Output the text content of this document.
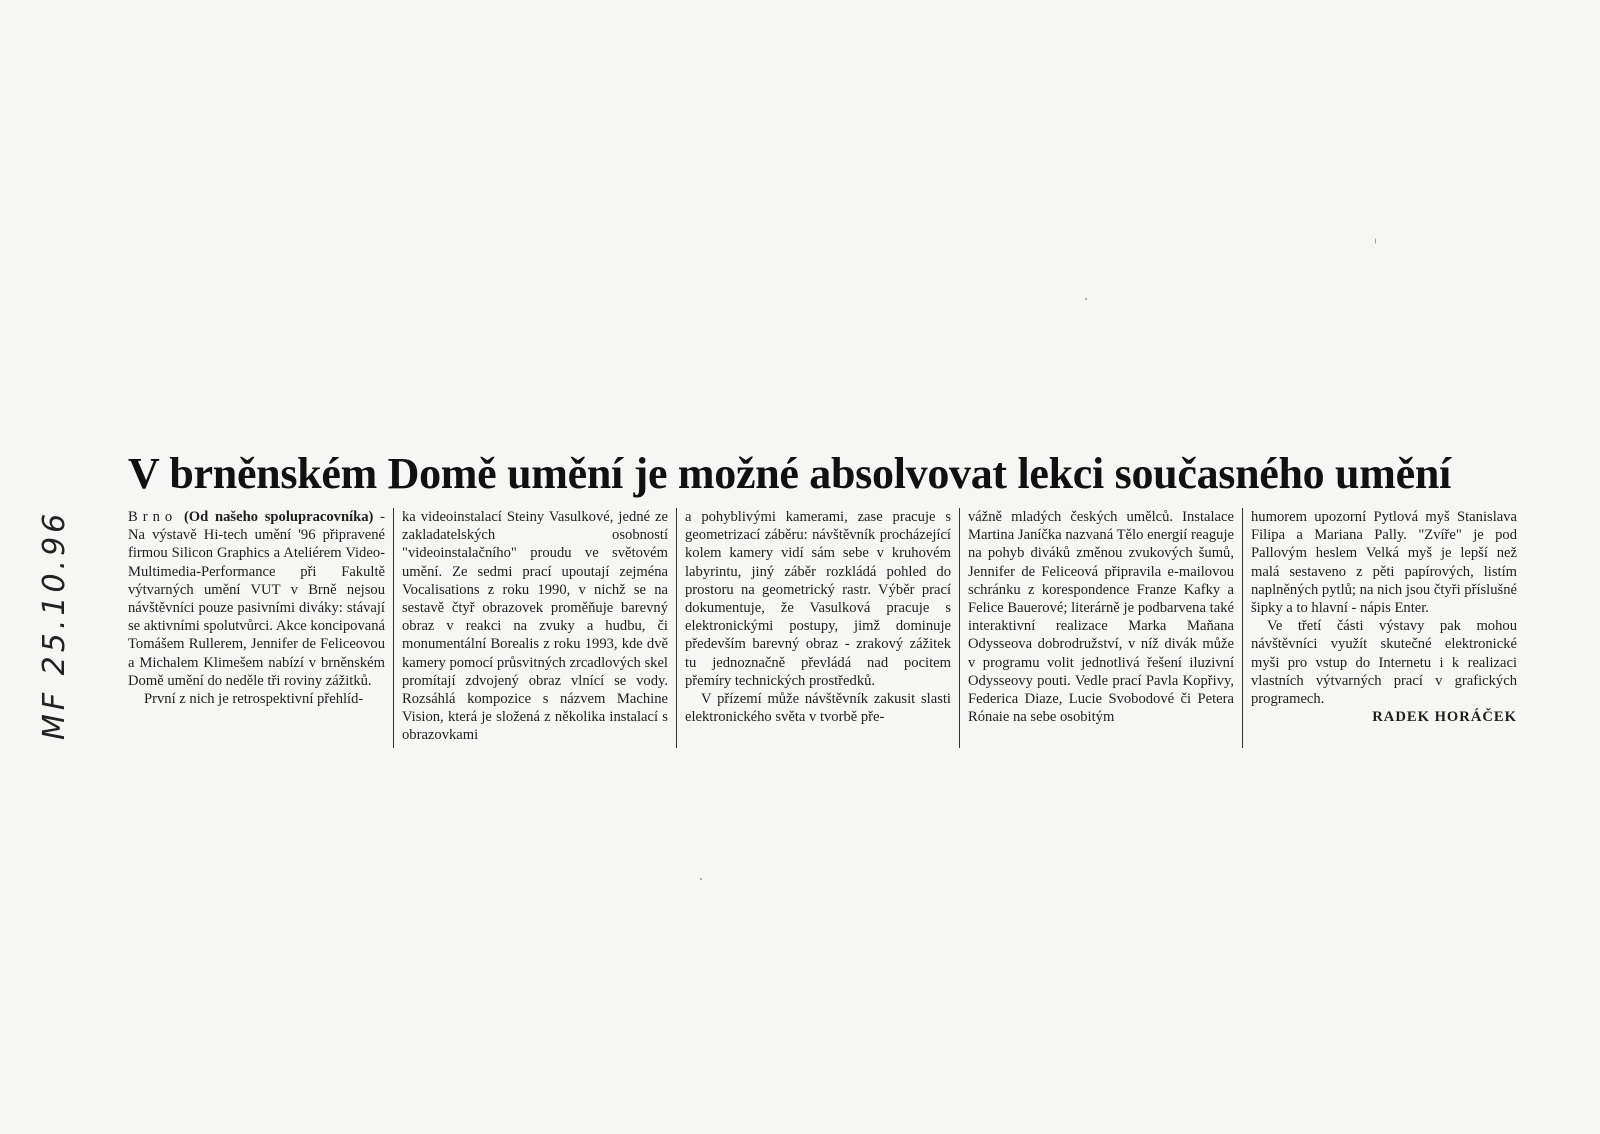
MF 25.10.96
V brněnském Domě umění je možné absolvovat lekci současného umění

Brno (Od našeho spolupracovníka) - Na výstavě Hi-tech umění '96 připravené firmou Silicon Graphics a Ateliérem Video-Multimedia-Performance při Fakultě výtvarných umění VUT v Brně nejsou návštěvníci pouze pasivními diváky: stávají se aktivními spolutvůrci. Akce koncipovaná Tomášem Rullerem, Jennifer de Feliceovou a Michalem Klimešem nabízí v brněnském Domě umění do neděle tři roviny zážitků.

První z nich je retrospektivní přehlíd-

ka videoinstalací Steiny Vasulkové, jedné ze zakladatelských osobností "videoinstalačního" proudu ve světovém umění. Ze sedmi prací upoutají zejména Vocalisations z roku 1990, v nichž se na sestavě čtyř obrazovek proměňuje barevný obraz v reakci na zvuky a hudbu, či monumentální Borealis z roku 1993, kde dvě kamery pomocí průsvitných zrcadlových skel promítají zdvojený obraz vlnící se vody. Rozsáhlá kompozice s názvem Machine Vision, která je složená z několika instalací s obrazovkami

a pohyblivými kamerami, zase pracuje s geometrizací záběru: návštěvník procházející kolem kamery vidí sám sebe v kruhovém labyrintu, jiný záběr rozkládá pohled do prostoru na geometrický rastr. Výběr prací dokumentuje, že Vasulková pracuje s elektronickými postupy, jimž dominuje především barevný obraz - zrakový zážitek tu jednoznačně převládá nad pocitem přemíry technických prostředků.

V přízemí může návštěvník zakusit slasti elektronického světa v tvorbě pře-

vážně mladých českých umělců. Instalace Martina Janíčka nazvaná Tělo energií reaguje na pohyb diváků změnou zvukových šumů, Jennifer de Feliceová připravila e-mailovou schránku z korespondence Franze Kafky a Felice Bauerové; literárně je podbarvena také interaktivní realizace Marka Maňana Odysseova dobrodružství, v níž divák může v programu volit jednotlivá řešení iluzivní Odysseovy pouti. Vedle prací Pavla Kopřivy, Federica Diaze, Lucie Svobodové či Petera Rónaie na sebe osobitým

humorem upozorní Pytlová myš Stanislava Filipa a Mariana Pally. "Zvíře" je pod Pallovým heslem Velká myš je lepší než malá sestaveno z pěti papírových, listím naplněných pytlů; na nich jsou čtyři příslušné šipky a to hlavní - nápis Enter.

Ve třetí části výstavy pak mohou návštěvníci využít skutečné elektronické myši pro vstup do Internetu i k realizaci vlastních výtvarných prací v grafických programech.

RADEK HORÁČEK
